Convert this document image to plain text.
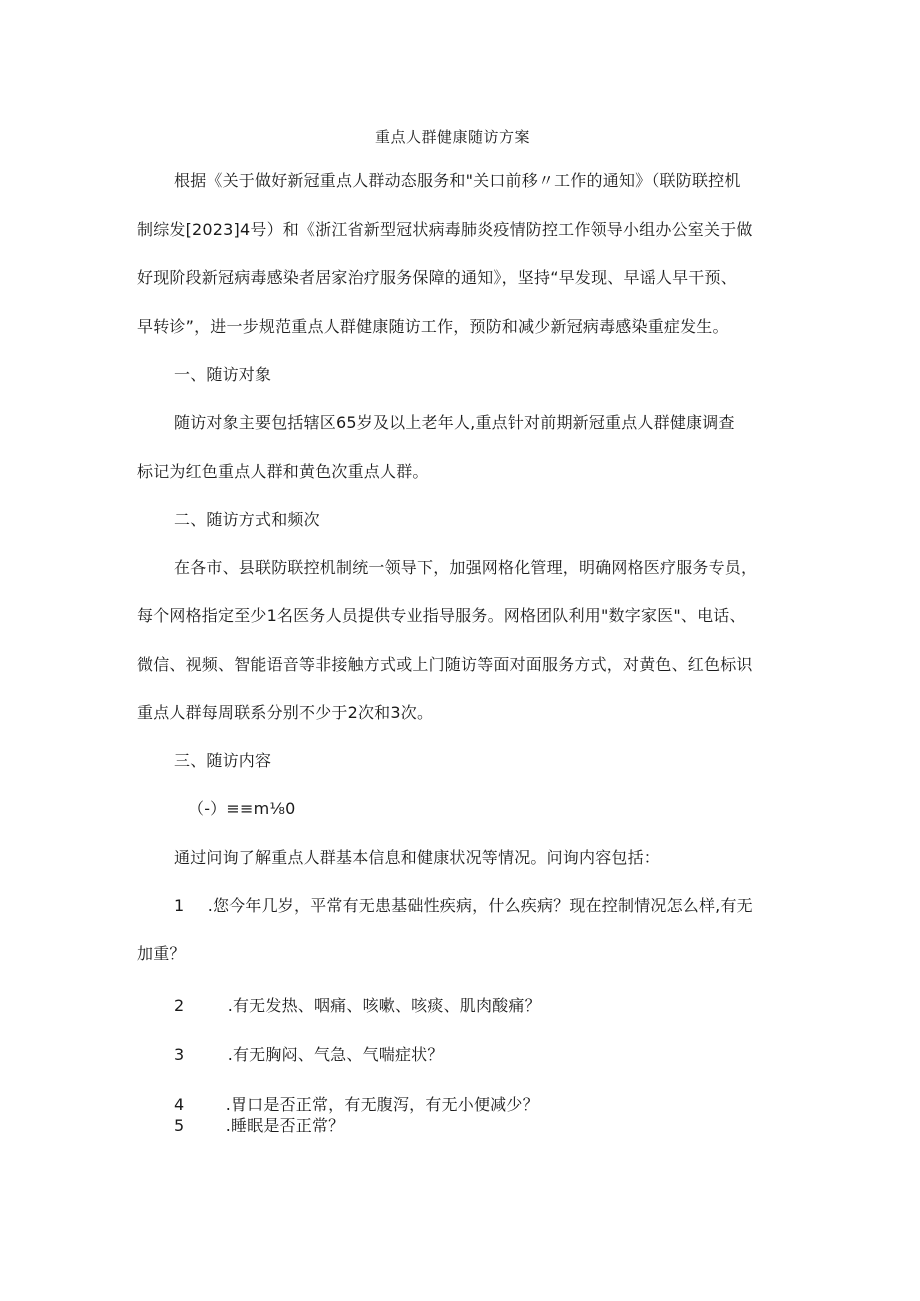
重点人群健康随访方案
根据《关于做好新冠重点人群动态服务和"关口前移〃工作的通知》（联防联控机
制综发[2023]4号）和《浙江省新型冠状病毒肺炎疫情防控工作领导小组办公室关于做
好现阶段新冠病毒感染者居家治疗服务保障的通知》，坚持“早发现、早谣人早干预、
早转诊”，进一步规范重点人群健康随访工作，预防和减少新冠病毒感染重症发生。
一、随访对象
随访对象主要包括辖区65岁及以上老年人,重点针对前期新冠重点人群健康调查
标记为红色重点人群和黄色次重点人群。
二、随访方式和频次
在各市、县联防联控机制统一领导下，加强网格化管理，明确网格医疗服务专员，
每个网格指定至少1名医务人员提供专业指导服务。网格团队利用"数字家医"、电话、
微信、视频、智能语音等非接触方式或上门随访等面对面服务方式，对黄色、红色标识
重点人群每周联系分别不少于2次和3次。
三、随访内容
（-）≡≡m⅛0
通过问询了解重点人群基本信息和健康状况等情况。问询内容包括：
1 .您今年几岁，平常有无患基础性疾病，什么疾病？现在控制情况怎么样,有无
加重？
2	.有无发热、咽痛、咳嗽、咳痰、肌肉酸痛？
3	.有无胸闷、气急、气喘症状？
4	.胃口是否正常，有无腹泻，有无小便减少？
5	.睡眠是否正常？
